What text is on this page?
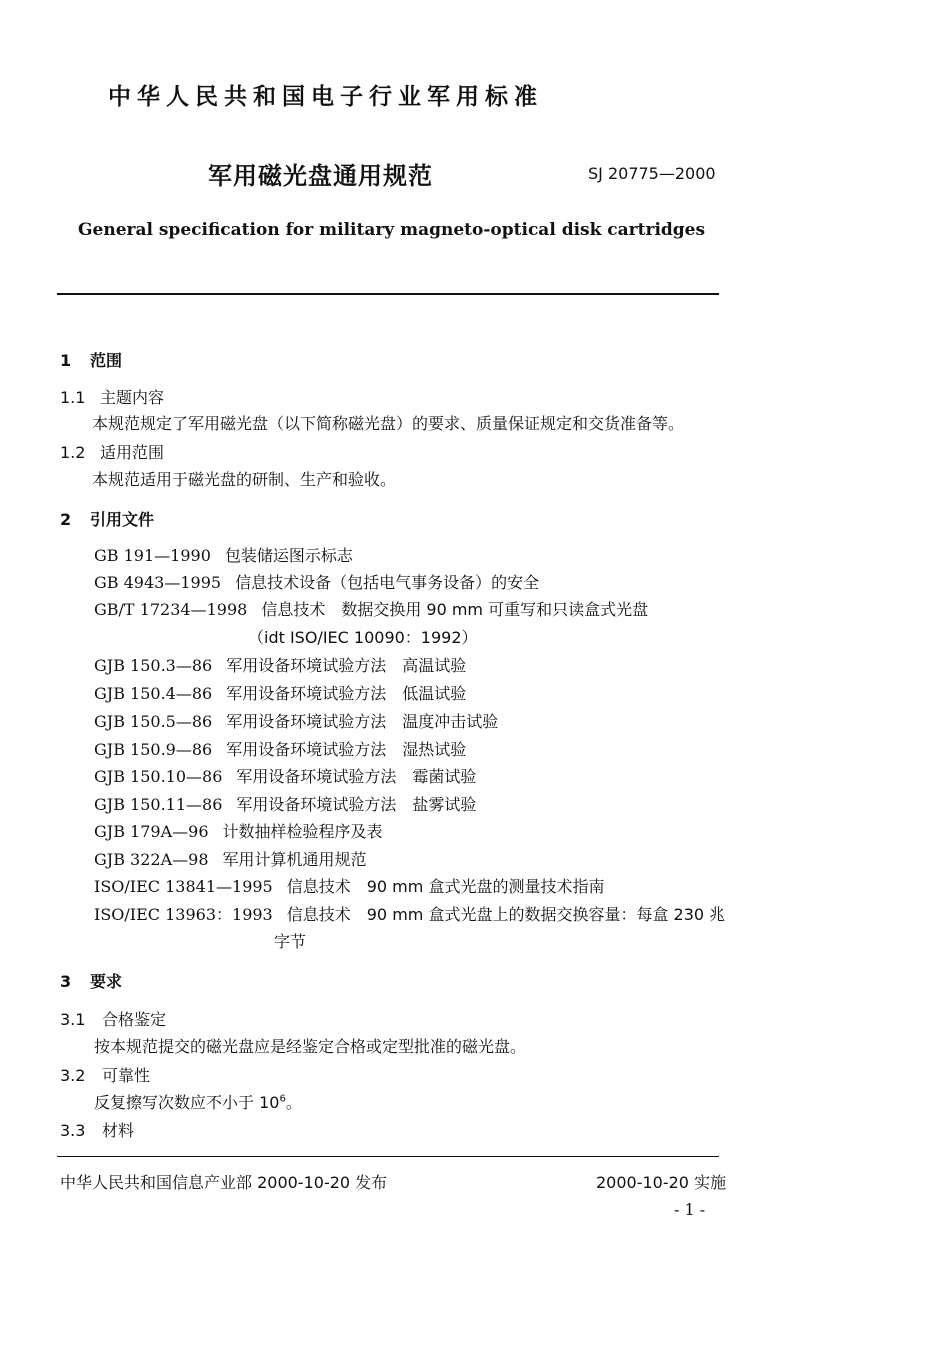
中华人民共和国电子行业军用标准
军用磁光盘通用规范	SJ 20775—2000
General specification for military magneto-optical disk cartridges
1 范围
1.1 主题内容
本规范规定了军用磁光盘（以下简称磁光盘）的要求、质量保证规定和交货准备等。
1.2 适用范围
本规范适用于磁光盘的研制、生产和验收。
2 引用文件
GB 191—1990 包装储运图示标志
GB 4943—1995 信息技术设备（包括电气事务设备）的安全
GB/T 17234—1998 信息技术　数据交换用 90 mm 可重写和只读盒式光盘
（idt ISO/IEC 10090：1992）
GJB 150.3—86 军用设备环境试验方法　高温试验
GJB 150.4—86 军用设备环境试验方法　低温试验
GJB 150.5—86 军用设备环境试验方法　温度冲击试验
GJB 150.9—86 军用设备环境试验方法　湿热试验
GJB 150.10—86 军用设备环境试验方法　霉菌试验
GJB 150.11—86 军用设备环境试验方法　盐雾试验
GJB 179A—96 计数抽样检验程序及表
GJB 322A—98 军用计算机通用规范
ISO/IEC 13841—1995 信息技术　90 mm 盒式光盘的测量技术指南
ISO/IEC 13963：1993 信息技术　90 mm 盒式光盘上的数据交换容量：每盒 230 兆
字节
3 要求
3.1 合格鉴定
按本规范提交的磁光盘应是经鉴定合格或定型批准的磁光盘。
3.2 可靠性
反复擦写次数应不小于 $10^6$。
3.3 材料
中华人民共和国信息产业部 2000-10-20 发布	2000-10-20 实施
- 1 -
